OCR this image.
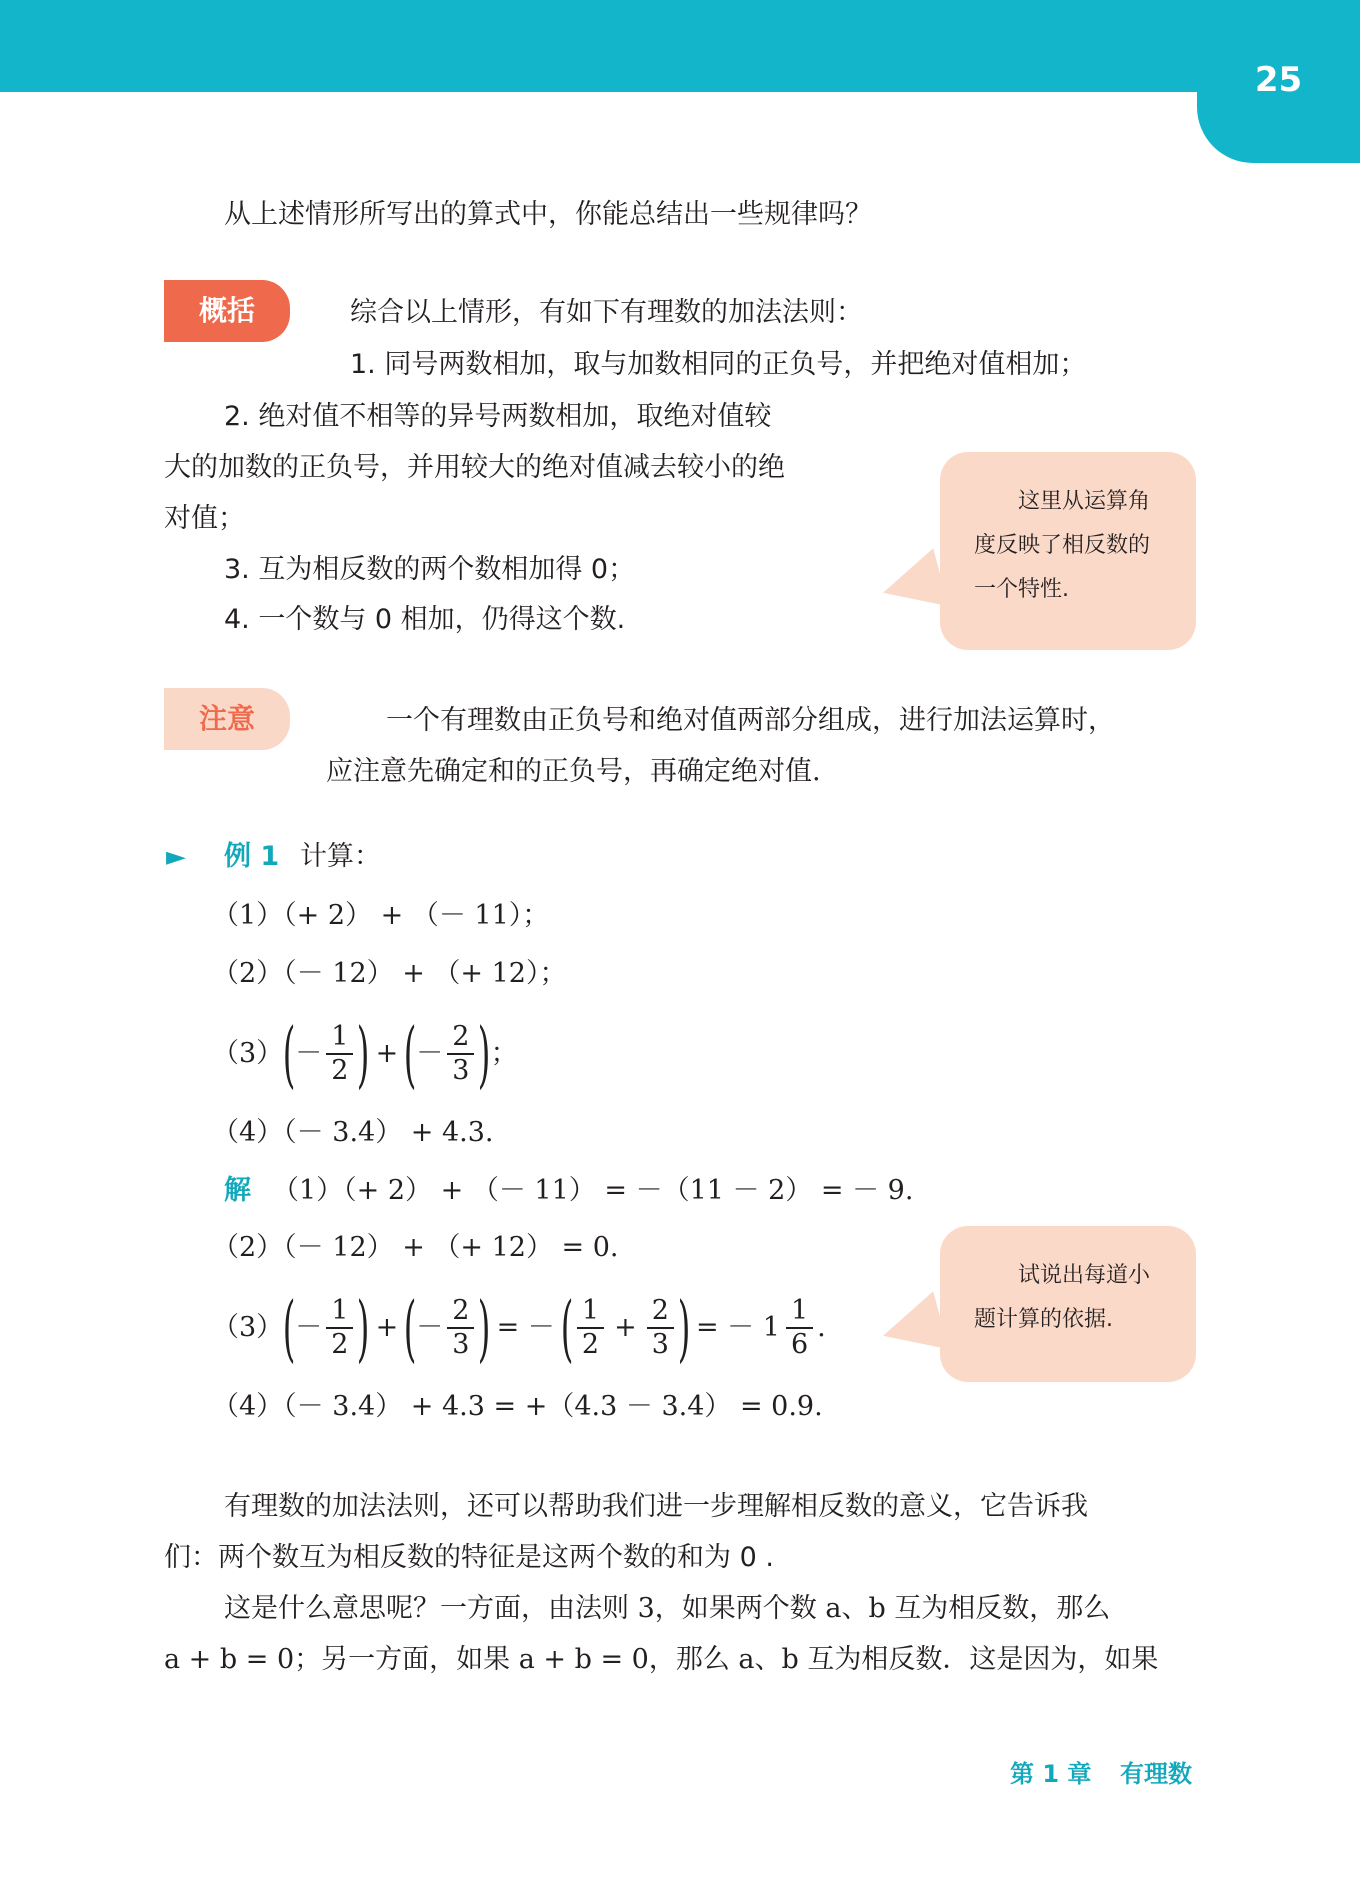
25
从上述情形所写出的算式中，你能总结出一些规律吗？
概括	综合以上情形，有如下有理数的加法法则：
1. 同号两数相加，取与加数相同的正负号，并把绝对值相加；
2. 绝对值不相等的异号两数相加，取绝对值较
大的加数的正负号，并用较大的绝对值减去较小的绝
对值；
3. 互为相反数的两个数相加得 0；
4. 一个数与 0 相加，仍得这个数.
这里从运算角
度反映了相反数的
一个特性.
注意	一个有理数由正负号和绝对值两部分组成，进行加法运算时，
应注意先确定和的正负号，再确定绝对值.
► 例 1 计算：
（1）（+ 2） + （－ 11）；
（2）（－ 12） + （+ 12）；
（3） ( － $\frac{1}{2}$ ) + ( － $\frac{2}{3}$ ) ；
（4）（－ 3.4） + 4.3.
解 （1）（+ 2） + （－ 11） = －（11 － 2） = － 9.
（2）（－ 12） + （+ 12） = 0.
（3） ( － $\frac{1}{2}$ ) + ( － $\frac{2}{3}$ ) = － ( $\frac{1}{2} + \frac{2}{3}$ ) = － $1 \frac{1}{6}$ .
（4）（－ 3.4） + 4.3 = +（4.3 － 3.4） = 0.9.
试说出每道小
题计算的依据.
有理数的加法法则，还可以帮助我们进一步理解相反数的意义，它告诉我
们：两个数互为相反数的特征是这两个数的和为 0 .
这是什么意思呢？一方面，由法则 3，如果两个数 a、b 互为相反数，那么
a + b = 0；另一方面，如果 a + b = 0，那么 a、b 互为相反数．这是因为，如果
第 1 章 有理数
